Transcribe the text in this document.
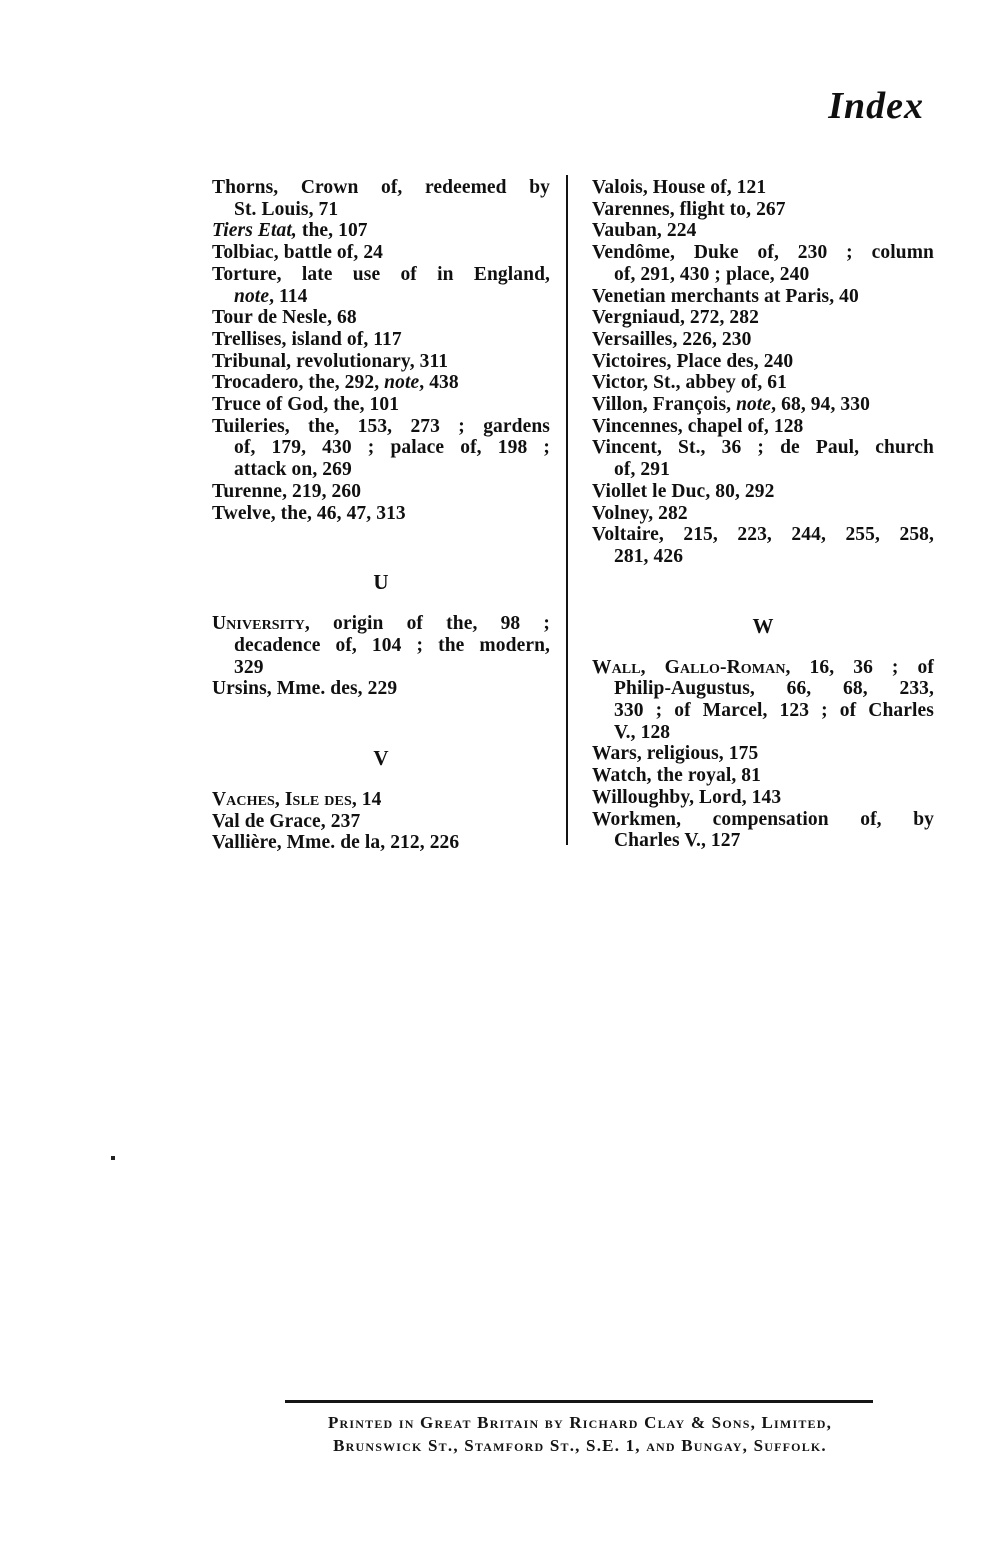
Index
Thorns, Crown of, redeemed by
St. Louis, 71
Tiers Etat, the, 107
Tolbiac, battle of, 24
Torture, late use of in England,
note, 114
Tour de Nesle, 68
Trellises, island of, 117
Tribunal, revolutionary, 311
Trocadero, the, 292, note, 438
Truce of God, the, 101
Tuileries, the, 153, 273 ; gardens
of, 179, 430 ; palace of, 198 ;
attack on, 269
Turenne, 219, 260
Twelve, the, 46, 47, 313
U
University, origin of the, 98 ;
decadence of, 104 ; the modern,
329
Ursins, Mme. des, 229
V
Vaches, Isle des, 14
Val de Grace, 237
Vallière, Mme. de la, 212, 226
Valois, House of, 121
Varennes, flight to, 267
Vauban, 224
Vendôme, Duke of, 230 ; column
of, 291, 430 ; place, 240
Venetian merchants at Paris, 40
Vergniaud, 272, 282
Versailles, 226, 230
Victoires, Place des, 240
Victor, St., abbey of, 61
Villon, François, note, 68, 94, 330
Vincennes, chapel of, 128
Vincent, St., 36 ; de Paul, church
of, 291
Viollet le Duc, 80, 292
Volney, 282
Voltaire, 215, 223, 244, 255, 258,
281, 426
W
Wall, Gallo-Roman, 16, 36 ; of
Philip-Augustus, 66, 68, 233,
330 ; of Marcel, 123 ; of Charles
V., 128
Wars, religious, 175
Watch, the royal, 81
Willoughby, Lord, 143
Workmen, compensation of, by
Charles V., 127
Printed in Great Britain by Richard Clay & Sons, Limited,
Brunswick St., Stamford St., S.E. 1, and Bungay, Suffolk.
